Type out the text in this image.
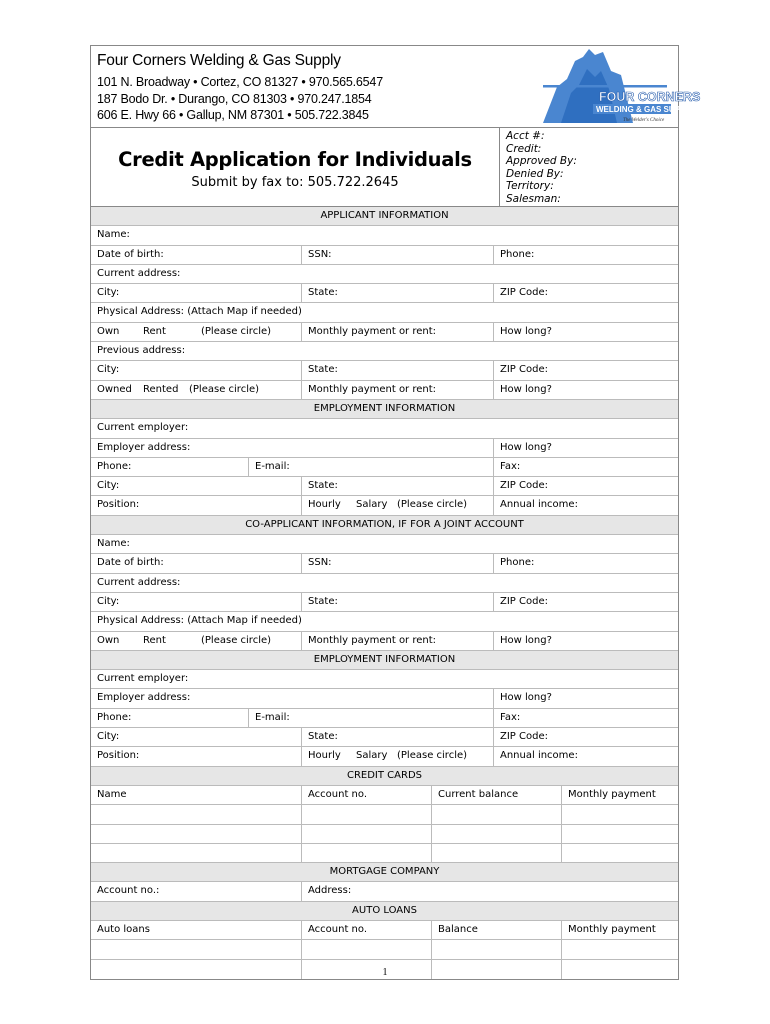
Four Corners Welding & Gas Supply
101 N. Broadway • Cortez, CO 81327 • 970.565.6547
187 Bodo Dr. • Durango, CO 81303 • 970.247.1854
606 E. Hwy 66 • Gallup, NM 87301 • 505.722.3845
FOUR CORNERS
WELDING & GAS SUPPLY
The Welder's Choice
Credit Application for Individuals
Submit by fax to: 505.722.2645
Acct #:
Credit:
Approved By:
Denied By:
Territory:
Salesman:
APPLICANT INFORMATION
Name:
Date of birth:	SSN:	Phone:
Current address:
City:	State:	ZIP Code:
Physical Address: (Attach Map if needed)
Own	Rent	(Please circle)	Monthly payment or rent:	How long?
Previous address:
City:	State:	ZIP Code:
Owned	Rented	(Please circle)	Monthly payment or rent:	How long?
EMPLOYMENT INFORMATION
Current employer:
Employer address:	How long?
Phone:	E-mail:	Fax:
City:	State:	ZIP Code:
Position:	Hourly	Salary (Please circle)	Annual income:
CO-APPLICANT INFORMATION, IF FOR A JOINT ACCOUNT
Name:
Date of birth:	SSN:	Phone:
Current address:
City:	State:	ZIP Code:
Physical Address: (Attach Map if needed)
Own	Rent	(Please circle)	Monthly payment or rent:	How long?
EMPLOYMENT INFORMATION
Current employer:
Employer address:	How long?
Phone:	E-mail:	Fax:
City:	State:	ZIP Code:
Position:	Hourly	Salary (Please circle)	Annual income:
CREDIT CARDS
Name	Account no.	Current balance	Monthly payment
MORTGAGE COMPANY
Account no.:	Address:
AUTO LOANS
Auto loans	Account no.	Balance	Monthly payment
1
